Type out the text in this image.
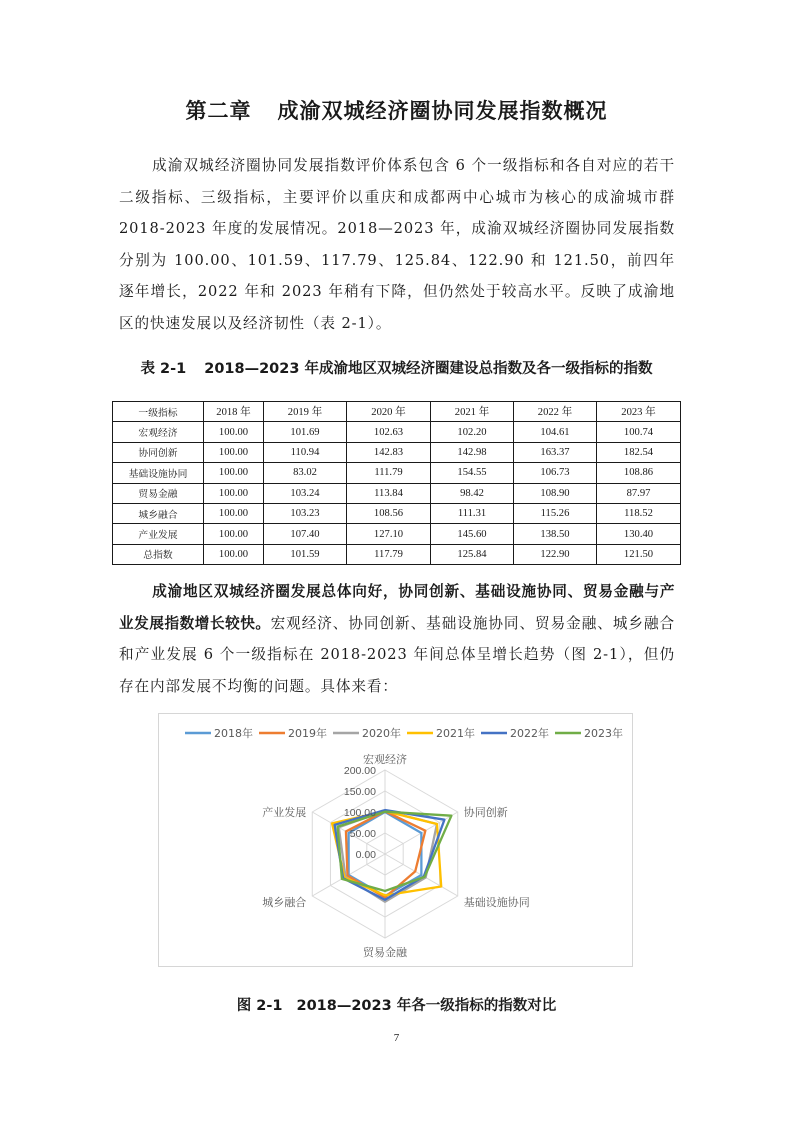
第二章 成渝双城经济圈协同发展指数概况

成渝双城经济圈协同发展指数评价体系包含 6 个一级指标和各自对应的若干二级指标、三级指标，主要评价以重庆和成都两中心城市为核心的成渝城市群 2018-2023 年度的发展情况。2018—2023 年，成渝双城经济圈协同发展指数分别为 100.00、101.59、117.79、125.84、122.90 和 121.50，前四年逐年增长，2022 年和 2023 年稍有下降，但仍然处于较高水平。反映了成渝地区的快速发展以及经济韧性（表 2-1）。

表 2-1 2018—2023 年成渝地区双城经济圈建设总指数及各一级指标的指数
一级指标	2018 年	2019 年	2020 年	2021 年	2022 年	2023 年
宏观经济	100.00	101.69	102.63	102.20	104.61	100.74
协同创新	100.00	110.94	142.83	142.98	163.37	182.54
基础设施协同	100.00	83.02	111.79	154.55	106.73	108.86
贸易金融	100.00	103.24	113.84	98.42	108.90	87.97
城乡融合	100.00	103.23	108.56	111.31	115.26	118.52
产业发展	100.00	107.40	127.10	145.60	138.50	130.40
总指数	100.00	101.59	117.79	125.84	122.90	121.50

成渝地区双城经济圈发展总体向好，协同创新、基础设施协同、贸易金融与产业发展指数增长较快。宏观经济、协同创新、基础设施协同、贸易金融、城乡融合和产业发展 6 个一级指标在 2018-2023 年间总体呈增长趋势（图 2-1），但仍存在内部发展不均衡的问题。具体来看：

0.00
50.00
100.00
150.00
200.00
宏观经济
协同创新
基础设施协同
贸易金融
城乡融合
产业发展
2018年	2019年	2020年	2021年	2022年	2023年
图 2-1 2018—2023 年各一级指标的指数对比
7
